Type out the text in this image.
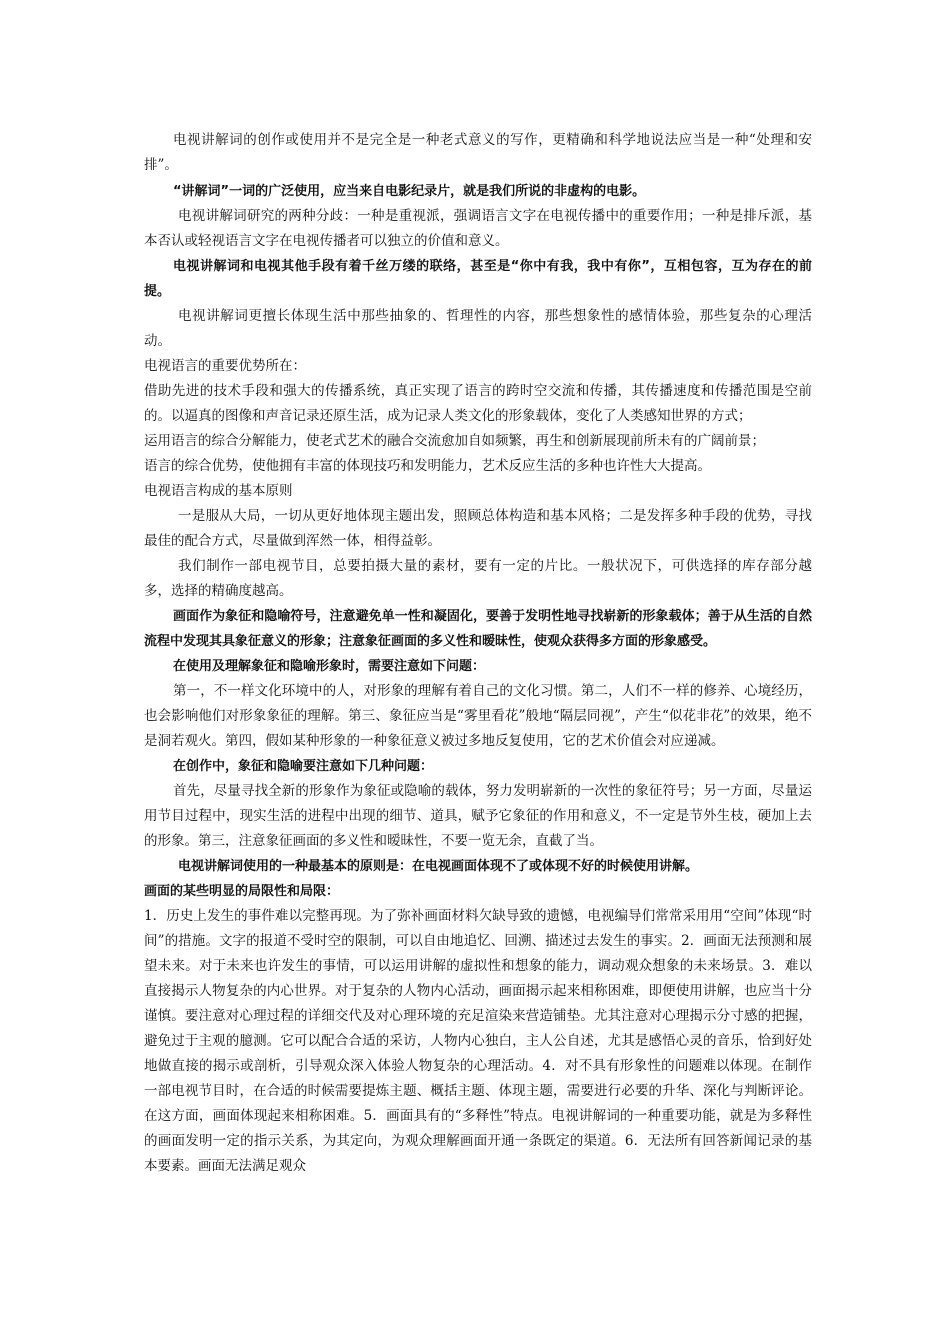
电视讲解词的创作或使用并不是完全是一种老式意义的写作，更精确和科学地说法应当是一种“处理和安排”。

“讲解词”一词的广泛使用，应当来自电影纪录片，就是我们所说的非虚构的电影。

电视讲解词研究的两种分歧：一种是重视派，强调语言文字在电视传播中的重要作用；一种是排斥派，基本否认或轻视语言文字在电视传播者可以独立的价值和意义。

电视讲解词和电视其他手段有着千丝万缕的联络，甚至是“你中有我，我中有你”，互相包容，互为存在的前提。

电视讲解词更擅长体现生活中那些抽象的、哲理性的内容，那些想象性的感情体验，那些复杂的心理活动。

电视语言的重要优势所在：

借助先进的技术手段和强大的传播系统，真正实现了语言的跨时空交流和传播，其传播速度和传播范围是空前的。以逼真的图像和声音记录还原生活，成为记录人类文化的形象载体，变化了人类感知世界的方式；

运用语言的综合分解能力，使老式艺术的融合交流愈加自如频繁，再生和创新展现前所未有的广阔前景；

语言的综合优势，使他拥有丰富的体现技巧和发明能力，艺术反应生活的多种也许性大大提高。

电视语言构成的基本原则

一是服从大局，一切从更好地体现主题出发，照顾总体构造和基本风格；二是发挥多种手段的优势，寻找最佳的配合方式，尽量做到浑然一体，相得益彰。

我们制作一部电视节目，总要拍摄大量的素材，要有一定的片比。一般状况下，可供选择的库存部分越多，选择的精确度越高。

画面作为象征和隐喻符号，注意避免单一性和凝固化，要善于发明性地寻找崭新的形象载体；善于从生活的自然流程中发现其具象征意义的形象；注意象征画面的多义性和暧昧性，使观众获得多方面的形象感受。

在使用及理解象征和隐喻形象时，需要注意如下问题：

第一，不一样文化环境中的人，对形象的理解有着自己的文化习惯。第二，人们不一样的修养、心境经历，也会影响他们对形象象征的理解。第三、象征应当是“雾里看花”般地“隔层同视”，产生“似花非花”的效果，绝不是洞若观火。第四，假如某种形象的一种象征意义被过多地反复使用，它的艺术价值会对应递减。

在创作中，象征和隐喻要注意如下几种问题：

首先，尽量寻找全新的形象作为象征或隐喻的载体，努力发明崭新的一次性的象征符号；另一方面，尽量运用节目过程中，现实生活的进程中出现的细节、道具，赋予它象征的作用和意义，不一定是节外生枝，硬加上去的形象。第三，注意象征画面的多义性和暧昧性，不要一览无余，直截了当。

电视讲解词使用的一种最基本的原则是：在电视画面体现不了或体现不好的时候使用讲解。

画面的某些明显的局限性和局限：

1．历史上发生的事件难以完整再现。为了弥补画面材料欠缺导致的遗憾，电视编导们常常采用用“空间”体现“时间”的措施。文字的报道不受时空的限制，可以自由地追忆、回溯、描述过去发生的事实。2．画面无法预测和展望未来。对于未来也许发生的事情，可以运用讲解的虚拟性和想象的能力，调动观众想象的未来场景。3．难以直接揭示人物复杂的内心世界。对于复杂的人物内心活动，画面揭示起来相称困难，即便使用讲解，也应当十分谨慎。要注意对心理过程的详细交代及对心理环境的充足渲染来营造铺垫。尤其注意对心理揭示分寸感的把握，避免过于主观的臆测。它可以配合合适的采访，人物内心独白，主人公自述，尤其是感悟心灵的音乐，恰到好处地做直接的揭示或剖析，引导观众深入体验人物复杂的心理活动。4．对不具有形象性的问题难以体现。在制作一部电视节目时，在合适的时候需要提炼主题、概括主题、体现主题，需要进行必要的升华、深化与判断评论。在这方面，画面体现起来相称困难。5．画面具有的“多释性”特点。电视讲解词的一种重要功能，就是为多释性的画面发明一定的指示关系，为其定向，为观众理解画面开通一条既定的渠道。6．无法所有回答新闻记录的基本要素。画面无法满足观众
